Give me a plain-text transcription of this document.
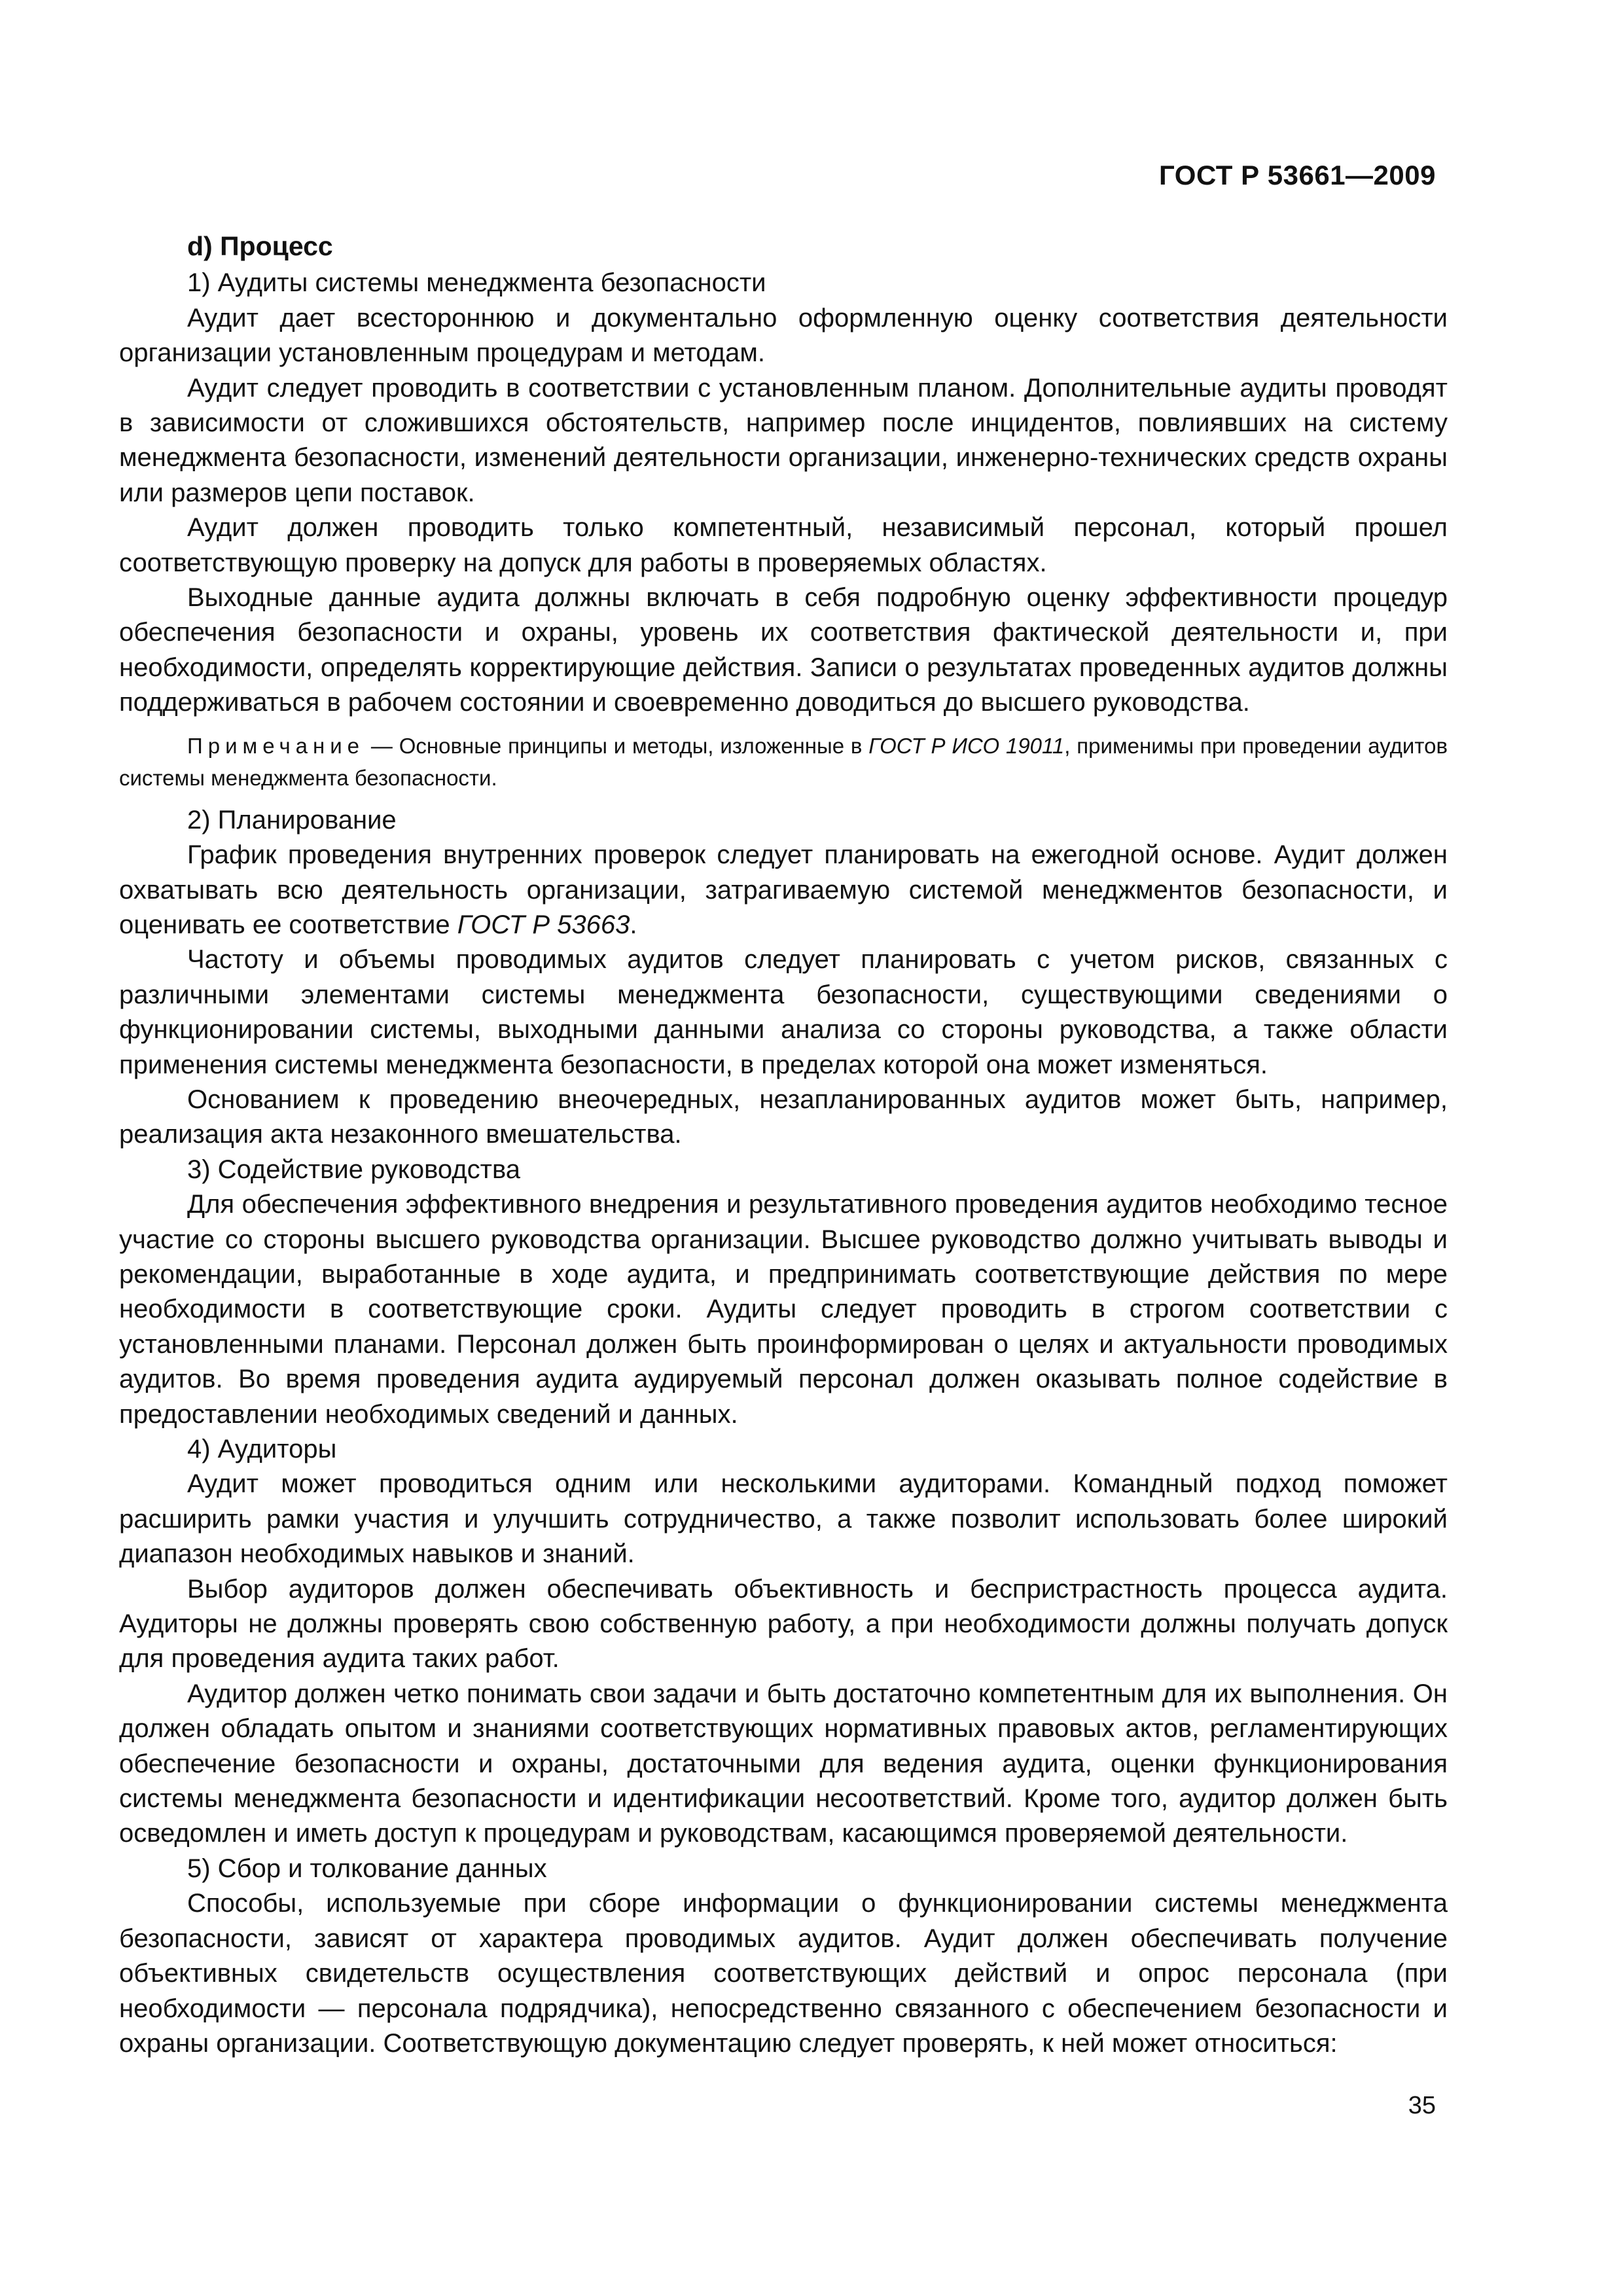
ГОСТ Р 53661—2009

d) Процесс

1) Аудиты системы менеджмента безопасности

Аудит дает всестороннюю и документально оформленную оценку соответствия деятельности организации установленным процедурам и методам.

Аудит следует проводить в соответствии с установленным планом. Дополнительные аудиты проводят в зависимости от сложившихся обстоятельств, например после инцидентов, повлиявших на систему менеджмента безопасности, изменений деятельности организации, инженерно-технических средств охраны или размеров цепи поставок.

Аудит должен проводить только компетентный, независимый персонал, который прошел соответствующую проверку на допуск для работы в проверяемых областях.

Выходные данные аудита должны включать в себя подробную оценку эффективности процедур обеспечения безопасности и охраны, уровень их соответствия фактической деятельности и, при необходимости, определять корректирующие действия. Записи о результатах проведенных аудитов должны поддерживаться в рабочем состоянии и своевременно доводиться до высшего руководства.

Примечание — Основные принципы и методы, изложенные в ГОСТ Р ИСО 19011, применимы при проведении аудитов системы менеджмента безопасности.

2) Планирование

График проведения внутренних проверок следует планировать на ежегодной основе. Аудит должен охватывать всю деятельность организации, затрагиваемую системой менеджментов безопасности, и оценивать ее соответствие ГОСТ Р 53663.

Частоту и объемы проводимых аудитов следует планировать с учетом рисков, связанных с различными элементами системы менеджмента безопасности, существующими сведениями о функционировании системы, выходными данными анализа со стороны руководства, а также области применения системы менеджмента безопасности, в пределах которой она может изменяться.

Основанием к проведению внеочередных, незапланированных аудитов может быть, например, реализация акта незаконного вмешательства.

3) Содействие руководства

Для обеспечения эффективного внедрения и результативного проведения аудитов необходимо тесное участие со стороны высшего руководства организации. Высшее руководство должно учитывать выводы и рекомендации, выработанные в ходе аудита, и предпринимать соответствующие действия по мере необходимости в соответствующие сроки. Аудиты следует проводить в строгом соответствии с установленными планами. Персонал должен быть проинформирован о целях и актуальности проводимых аудитов. Во время проведения аудита аудируемый персонал должен оказывать полное содействие в предоставлении необходимых сведений и данных.

4) Аудиторы

Аудит может проводиться одним или несколькими аудиторами. Командный подход поможет расширить рамки участия и улучшить сотрудничество, а также позволит использовать более широкий диапазон необходимых навыков и знаний.

Выбор аудиторов должен обеспечивать объективность и беспристрастность процесса аудита. Аудиторы не должны проверять свою собственную работу, а при необходимости должны получать допуск для проведения аудита таких работ.

Аудитор должен четко понимать свои задачи и быть достаточно компетентным для их выполнения. Он должен обладать опытом и знаниями соответствующих нормативных правовых актов, регламентирующих обеспечение безопасности и охраны, достаточными для ведения аудита, оценки функционирования системы менеджмента безопасности и идентификации несоответствий. Кроме того, аудитор должен быть осведомлен и иметь доступ к процедурам и руководствам, касающимся проверяемой деятельности.

5) Сбор и толкование данных

Способы, используемые при сборе информации о функционировании системы менеджмента безопасности, зависят от характера проводимых аудитов. Аудит должен обеспечивать получение объективных свидетельств осуществления соответствующих действий и опрос персонала (при необходимости — персонала подрядчика), непосредственно связанного с обеспечением безопасности и охраны организации. Соответствующую документацию следует проверять, к ней может относиться:

35
